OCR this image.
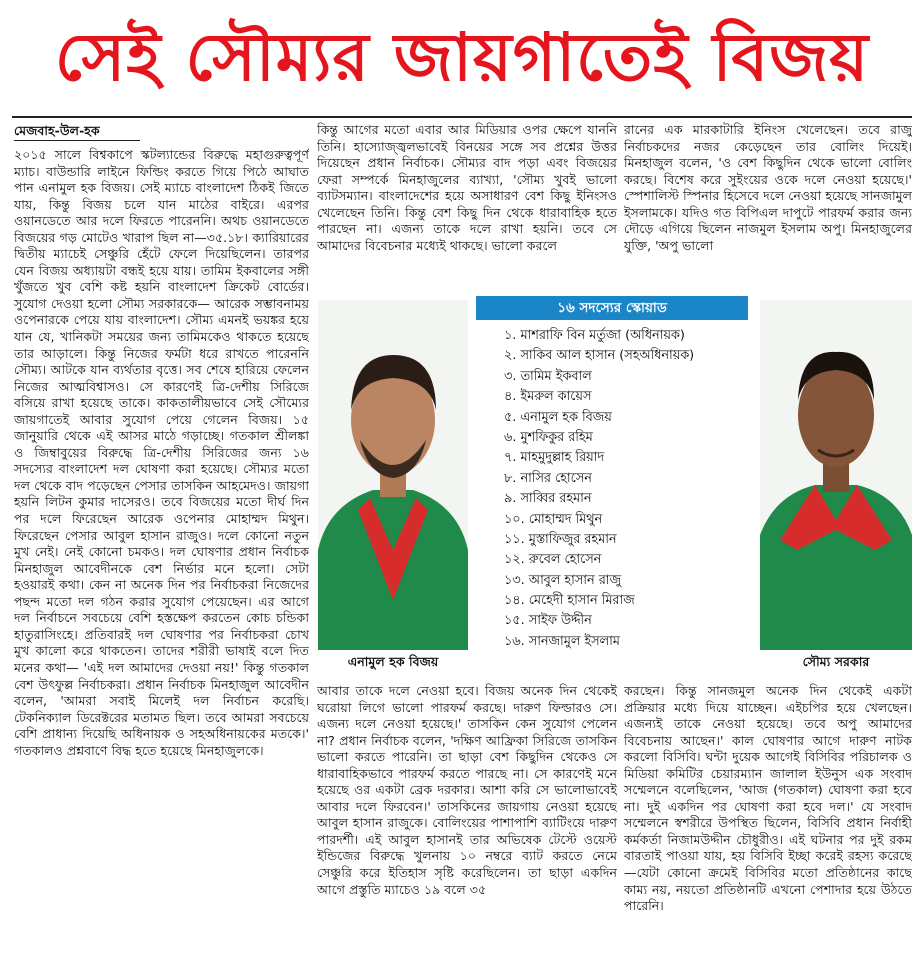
সেই সৌম্যর জায়গাতেই বিজয়
মেজবাহ-উল-হক

২০১৫ সালে বিশ্বকাপে স্কটল্যান্ডের বিরুদ্ধে মহাগুরুত্বপূর্ণ ম্যাচ। বাউন্ডারি লাইনে ফিল্ডিং করতে গিয়ে পিঠে আঘাত পান এনামুল হক বিজয়। সেই ম্যাচে বাংলাদেশ ঠিকই জিতে যায়, কিন্তু বিজয় চলে যান মাঠের বাইরে। এরপর ওয়ানডেতে আর দলে ফিরতে পারেননি। অথচ ওয়ানডেতে বিজয়ের গড় মোটেও খারাপ ছিল না—৩৫.১৮। ক্যারিয়ারের দ্বিতীয় ম্যাচেই সেঞ্চুরি হেঁটে ফেলে দিয়েছিলেন। তারপর যেন বিজয় অধ্যায়টা বন্ধই হয়ে যায়। তামিম ইকবালের সঙ্গী খুঁজতে খুব বেশি কষ্ট হয়নি বাংলাদেশ ক্রিকেট বোর্ডের। সুযোগ দেওয়া হলো সৌম্য সরকারকে— আরেক সম্ভাবনাময় ওপেনারকে পেয়ে যায় বাংলাদেশ। সৌম্য এমনই ভয়ঙ্কর হয়ে যান যে, খানিকটা সময়ের জন্য তামিমকেও থাকতে হয়েছে তার আড়ালে। কিন্তু নিজের ফর্মটা ধরে রাখতে পারেননি সৌম্য। আটকে যান ব্যর্থতার বৃত্তে। সব শেষে হারিয়ে ফেলেন নিজের আত্মবিশ্বাসও। সে কারণেই ত্রি-দেশীয় সিরিজে বসিয়ে রাখা হয়েছে তাকে। কাকতালীয়ভাবে সেই সৌম্যের জায়গাতেই আবার সুযোগ পেয়ে গেলেন বিজয়। ১৫ জানুয়ারি থেকে এই আসর মাঠে গড়াচ্ছে। গতকাল শ্রীলঙ্কা ও জিম্বাবুয়ের বিরুদ্ধে ত্রি-দেশীয় সিরিজের জন্য ১৬ সদস্যের বাংলাদেশ দল ঘোষণা করা হয়েছে। সৌম্যর মতো দল থেকে বাদ পড়েছেন পেসার তাসকিন আহমেদও। জায়গা হয়নি লিটন কুমার দাসেরও। তবে বিজয়ের মতো দীর্ঘ দিন পর দলে ফিরেছেন আরেক ওপেনার মোহাম্মদ মিথুন। ফিরেছেন পেসার আবুল হাসান রাজুও। দলে কোনো নতুন মুখ নেই। নেই কোনো চমকও। দল ঘোষণার প্রধান নির্বাচক মিনহাজুল আবেদীনকে বেশ নির্ভার মনে হলো। সেটা হওয়ারই কথা। কেন না অনেক দিন পর নির্বাচকরা নিজেদের পছন্দ মতো দল গঠন করার সুযোগ পেয়েছেন। এর আগে দল নির্বাচনে সবচেয়ে বেশি হস্তক্ষেপ করতেন কোচ চন্ডিকা হাতুরাসিংহে। প্রতিবারই দল ঘোষণার পর নির্বাচকরা চোখ মুখ কালো করে থাকতেন। তাদের শরীরী ভাষাই বলে দিত মনের কথা— 'এই দল আমাদের দেওয়া নয়!' কিন্তু গতকাল বেশ উৎফুল্ল নির্বাচকরা। প্রধান নির্বাচক মিনহাজুল আবেদীন বলেন, 'আমরা সবাই মিলেই দল নির্বাচন করেছি। টেকনিক্যাল ডিরেক্টরের মতামত ছিল। তবে আমরা সবচেয়ে বেশি প্রাধান্য দিয়েছি অধিনায়ক ও সহঅধিনায়কের মতকে।' গতকালও প্রশ্নবাণে বিদ্ধ হতে হয়েছে মিনহাজুলকে।

কিন্তু আগের মতো এবার আর মিডিয়ার ওপর ক্ষেপে যাননি তিনি। হাস্যোজ্জ্বলভাবেই বিনয়ের সঙ্গে সব প্রশ্নের উত্তর দিয়েছেন প্রধান নির্বাচক। সৌম্যর বাদ পড়া এবং বিজয়ের ফেরা সম্পর্কে মিনহাজুলের ব্যাখ্যা, 'সৌম্য খুবই ভালো ব্যাটসম্যান। বাংলাদেশের হয়ে অসাধারণ বেশ কিছু ইনিংসও খেলেছেন তিনি। কিন্তু বেশ কিছু দিন থেকে ধারাবাহিক হতে পারছেন না। এজন্য তাকে দলে রাখা হয়নি। তবে সে আমাদের বিবেচনার মধ্যেই থাকছে। ভালো করলে

রানের এক মারকাটারি ইনিংস খেলেছেন। তবে রাজু নির্বাচকদের নজর কেড়েছেন তার বোলিং দিয়েই। মিনহাজুল বলেন, 'ও বেশ কিছুদিন থেকে ভালো বোলিং করছে। বিশেষ করে সুইংয়ের ওকে দলে নেওয়া হয়েছে।' স্পেশালিস্ট স্পিনার হিসেবে দলে নেওয়া হয়েছে সানজামুল ইসলামকে। যদিও গত বিপিএল দাপুটে পারফর্ম করার জন্য দৌড়ে এগিয়ে ছিলেন নাজমুল ইসলাম অপু। মিনহাজুলের যুক্তি, 'অপু ভালো

এনামুল হক বিজয়
১৬ সদস্যের স্কোয়াড
১. মাশরাফি বিন মর্তুজা (অধিনায়ক)
২. সাকিব আল হাসান (সহঅধিনায়ক)
৩. তামিম ইকবাল
৪. ইমরুল কায়েস
৫. এনামুল হক বিজয়
৬. মুশফিকুর রহিম
৭. মাহমুদুল্লাহ রিয়াদ
৮. নাসির হোসেন
৯. সাব্বির রহমান
১০. মোহাম্মদ মিথুন
১১. মুস্তাফিজুর রহমান
১২. রুবেল হোসেন
১৩. আবুল হাসান রাজু
১৪. মেহেদী হাসান মিরাজ
১৫. সাইফ উদ্দীন
১৬. সানজামুল ইসলাম
সৌম্য সরকার

আবার তাকে দলে নেওয়া হবে। বিজয় অনেক দিন থেকেই ঘরোয়া লিগে ভালো পারফর্ম করছে। দারুণ ফিল্ডারও সে। এজন্য দলে নেওয়া হয়েছে।' তাসকিন কেন সুযোগ পেলেন না? প্রধান নির্বাচক বলেন, 'দক্ষিণ আফ্রিকা সিরিজে তাসকিন ভালো করতে পারেনি। তা ছাড়া বেশ কিছুদিন থেকেও সে ধারাবাহিকভাবে পারফর্ম করতে পারছে না। সে কারণেই মনে হয়েছে ওর একটা ব্রেক দরকার। আশা করি সে ভালোভাবেই আবার দলে ফিরবেন।' তাসকিনের জায়গায় নেওয়া হয়েছে আবুল হাসান রাজুকে। বোলিংয়ের পাশাপাশি ব্যাটিংয়ে দারুণ পারদর্শী। এই আবুল হাসানই তার অভিষেক টেস্টে ওয়েস্ট ইন্ডিজের বিরুদ্ধে খুলনায় ১০ নম্বরে ব্যাট করতে নেমে সেঞ্চুরি করে ইতিহাস সৃষ্টি করেছিলেন। তা ছাড়া একদিন আগে প্রস্তুতি ম্যাচেও ১৯ বলে ৩৫

করছেন। কিন্তু সানজমুল অনেক দিন থেকেই একটা প্রক্রিয়ার মধ্যে দিয়ে যাচ্ছেন। এইচপির হয়ে খেলছেন। এজন্যই তাকে নেওয়া হয়েছে। তবে অপু আমাদের বিবেচনায় আছেন।' কাল ঘোষণার আগে দারুণ নাটক করলো বিসিবি। ঘন্টা দুয়েক আগেই বিসিবির পরিচালক ও মিডিয়া কমিটির চেয়ারম্যান জালাল ইউনুস এক সংবাদ সম্মেলনে বলেছিলেন, 'আজ (গতকাল) ঘোষণা করা হবে না। দুই একদিন পর ঘোষণা করা হবে দল।' যে সংবাদ সম্মেলনে স্বশরীরে উপস্থিত ছিলেন, বিসিবি প্রধান নির্বাহী কর্মকর্তা নিজামউদ্দীন চৌধুরীও। এই ঘটনার পর দুই রকম বারতাই পাওয়া যায়, হয় বিসিবি ইচ্ছা করেই রহস্য করেছে—যেটা কোনো ক্রমেই বিসিবির মতো প্রতিষ্ঠানের কাছে কাম্য নয়, নয়তো প্রতিষ্ঠানটি এখনো পেশাদার হয়ে উঠতে পারেনি।
